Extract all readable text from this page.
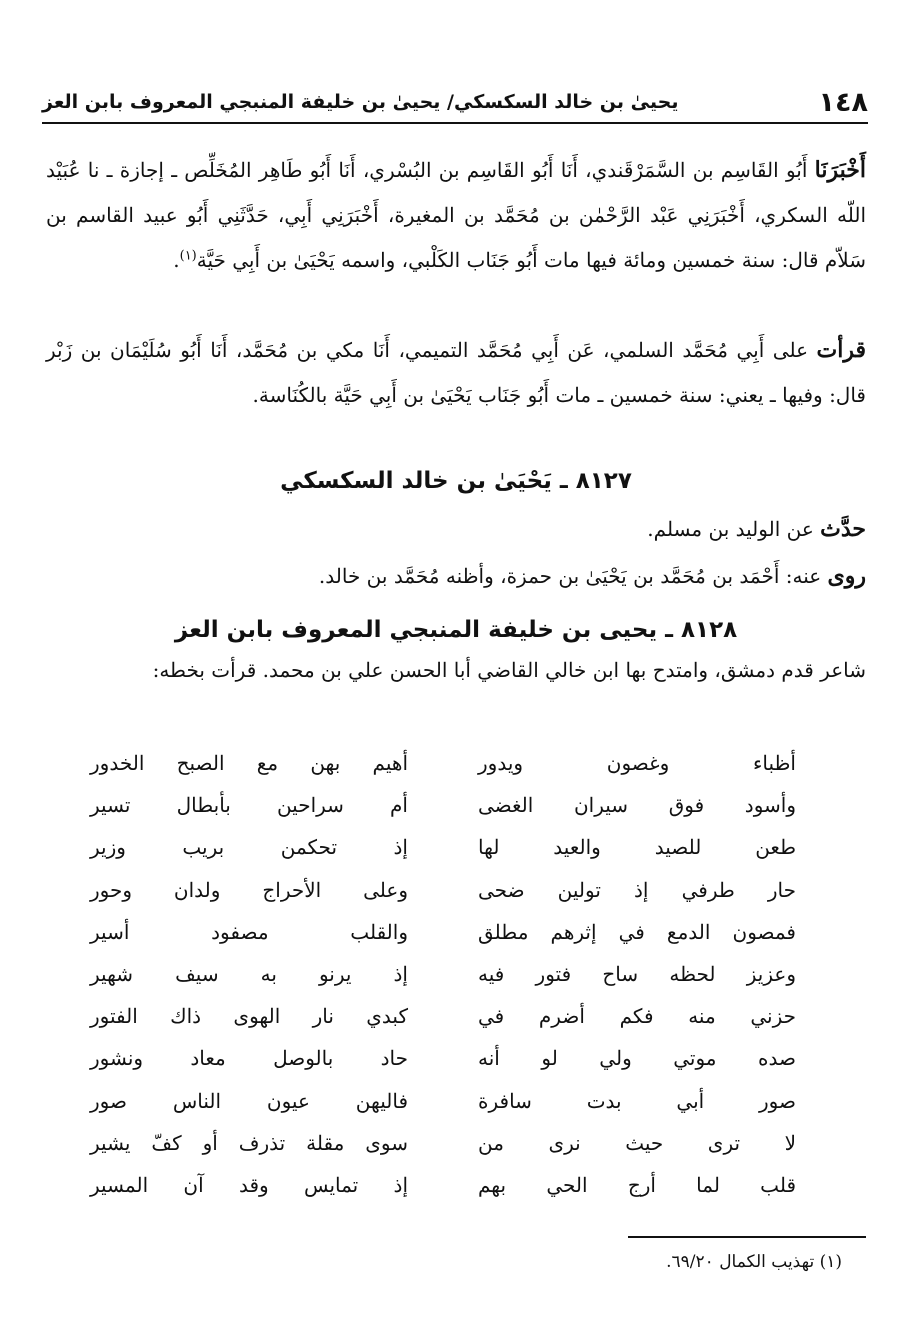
١٤٨
يحيىٰ بن خالد السكسكي/ يحيىٰ بن خليفة المنبجي المعروف بابن العز
أَخْبَرَنَا أَبُو القَاسِم بن السَّمَرْقَندي، أَنَا أَبُو القَاسِم بن البُسْري، أَنَا أَبُو طَاهِر المُخَلِّص ـ إجازة ـ نا عُبَيْد اللّه السكري، أَخْبَرَنِي عَبْد الرَّحْمٰن بن مُحَمَّد بن المغيرة، أَخْبَرَنِي أَبِي، حَدَّثَنِي أَبُو عبيد القاسم بن سَلاّم قال: سنة خمسين ومائة فيها مات أَبُو جَنَاب الكَلْبي، واسمه يَحْيَىٰ بن أَبِي حَيَّة$^{(١)}$.
قرأت على أَبِي مُحَمَّد السلمي، عَن أَبِي مُحَمَّد التميمي، أَنَا مكي بن مُحَمَّد، أَنَا أَبُو سُلَيْمَان بن زَبْر قال: وفيها ـ يعني: سنة خمسين ـ مات أَبُو جَنَاب يَحْيَىٰ بن أَبِي حَيَّة بالكُنَاسة.
٨١٢٧ ـ يَحْيَىٰ بن خالد السكسكي
حدَّث عن الوليد بن مسلم.
روى عنه: أَحْمَد بن مُحَمَّد بن يَحْيَىٰ بن حمزة، وأظنه مُحَمَّد بن خالد.
٨١٢٨ ـ يحيى بن خليفة المنبجي المعروف بابن العز
شاعر قدم دمشق، وامتدح بها ابن خالي القاضي أبا الحسن علي بن محمد. قرأت بخطه:
أظباء وغصون ويدور
أهيم بهن مع الصبح الخدور
وأسود فوق سيران الغضى
أم سراحين بأبطال تسير
طعن للصيد والعيد لها
إذ تحكمن بريب وزير
حار طرفي إذ تولين ضحى
وعلى الأحراج ولدان وحور
فمصون الدمع في إثرهم مطلق
والقلب مصفود أسير
وعزيز لحظه ساح فتور فيه
إذ يرنو به سيف شهير
حزني منه فكم أضرم في
كبدي نار الهوى ذاك الفتور
صده موتي ولي لو أنه
حاد بالوصل معاد ونشور
صور أبي بدت سافرة
فاليهن عيون الناس صور
لا ترى حيث نرى من
سوى مقلة تذرف أو كفّ يشير
قلب لما أرج الحي بهم
إذ تمايس وقد آن المسير
(١) تهذيب الكمال ٦٩/٢٠.
